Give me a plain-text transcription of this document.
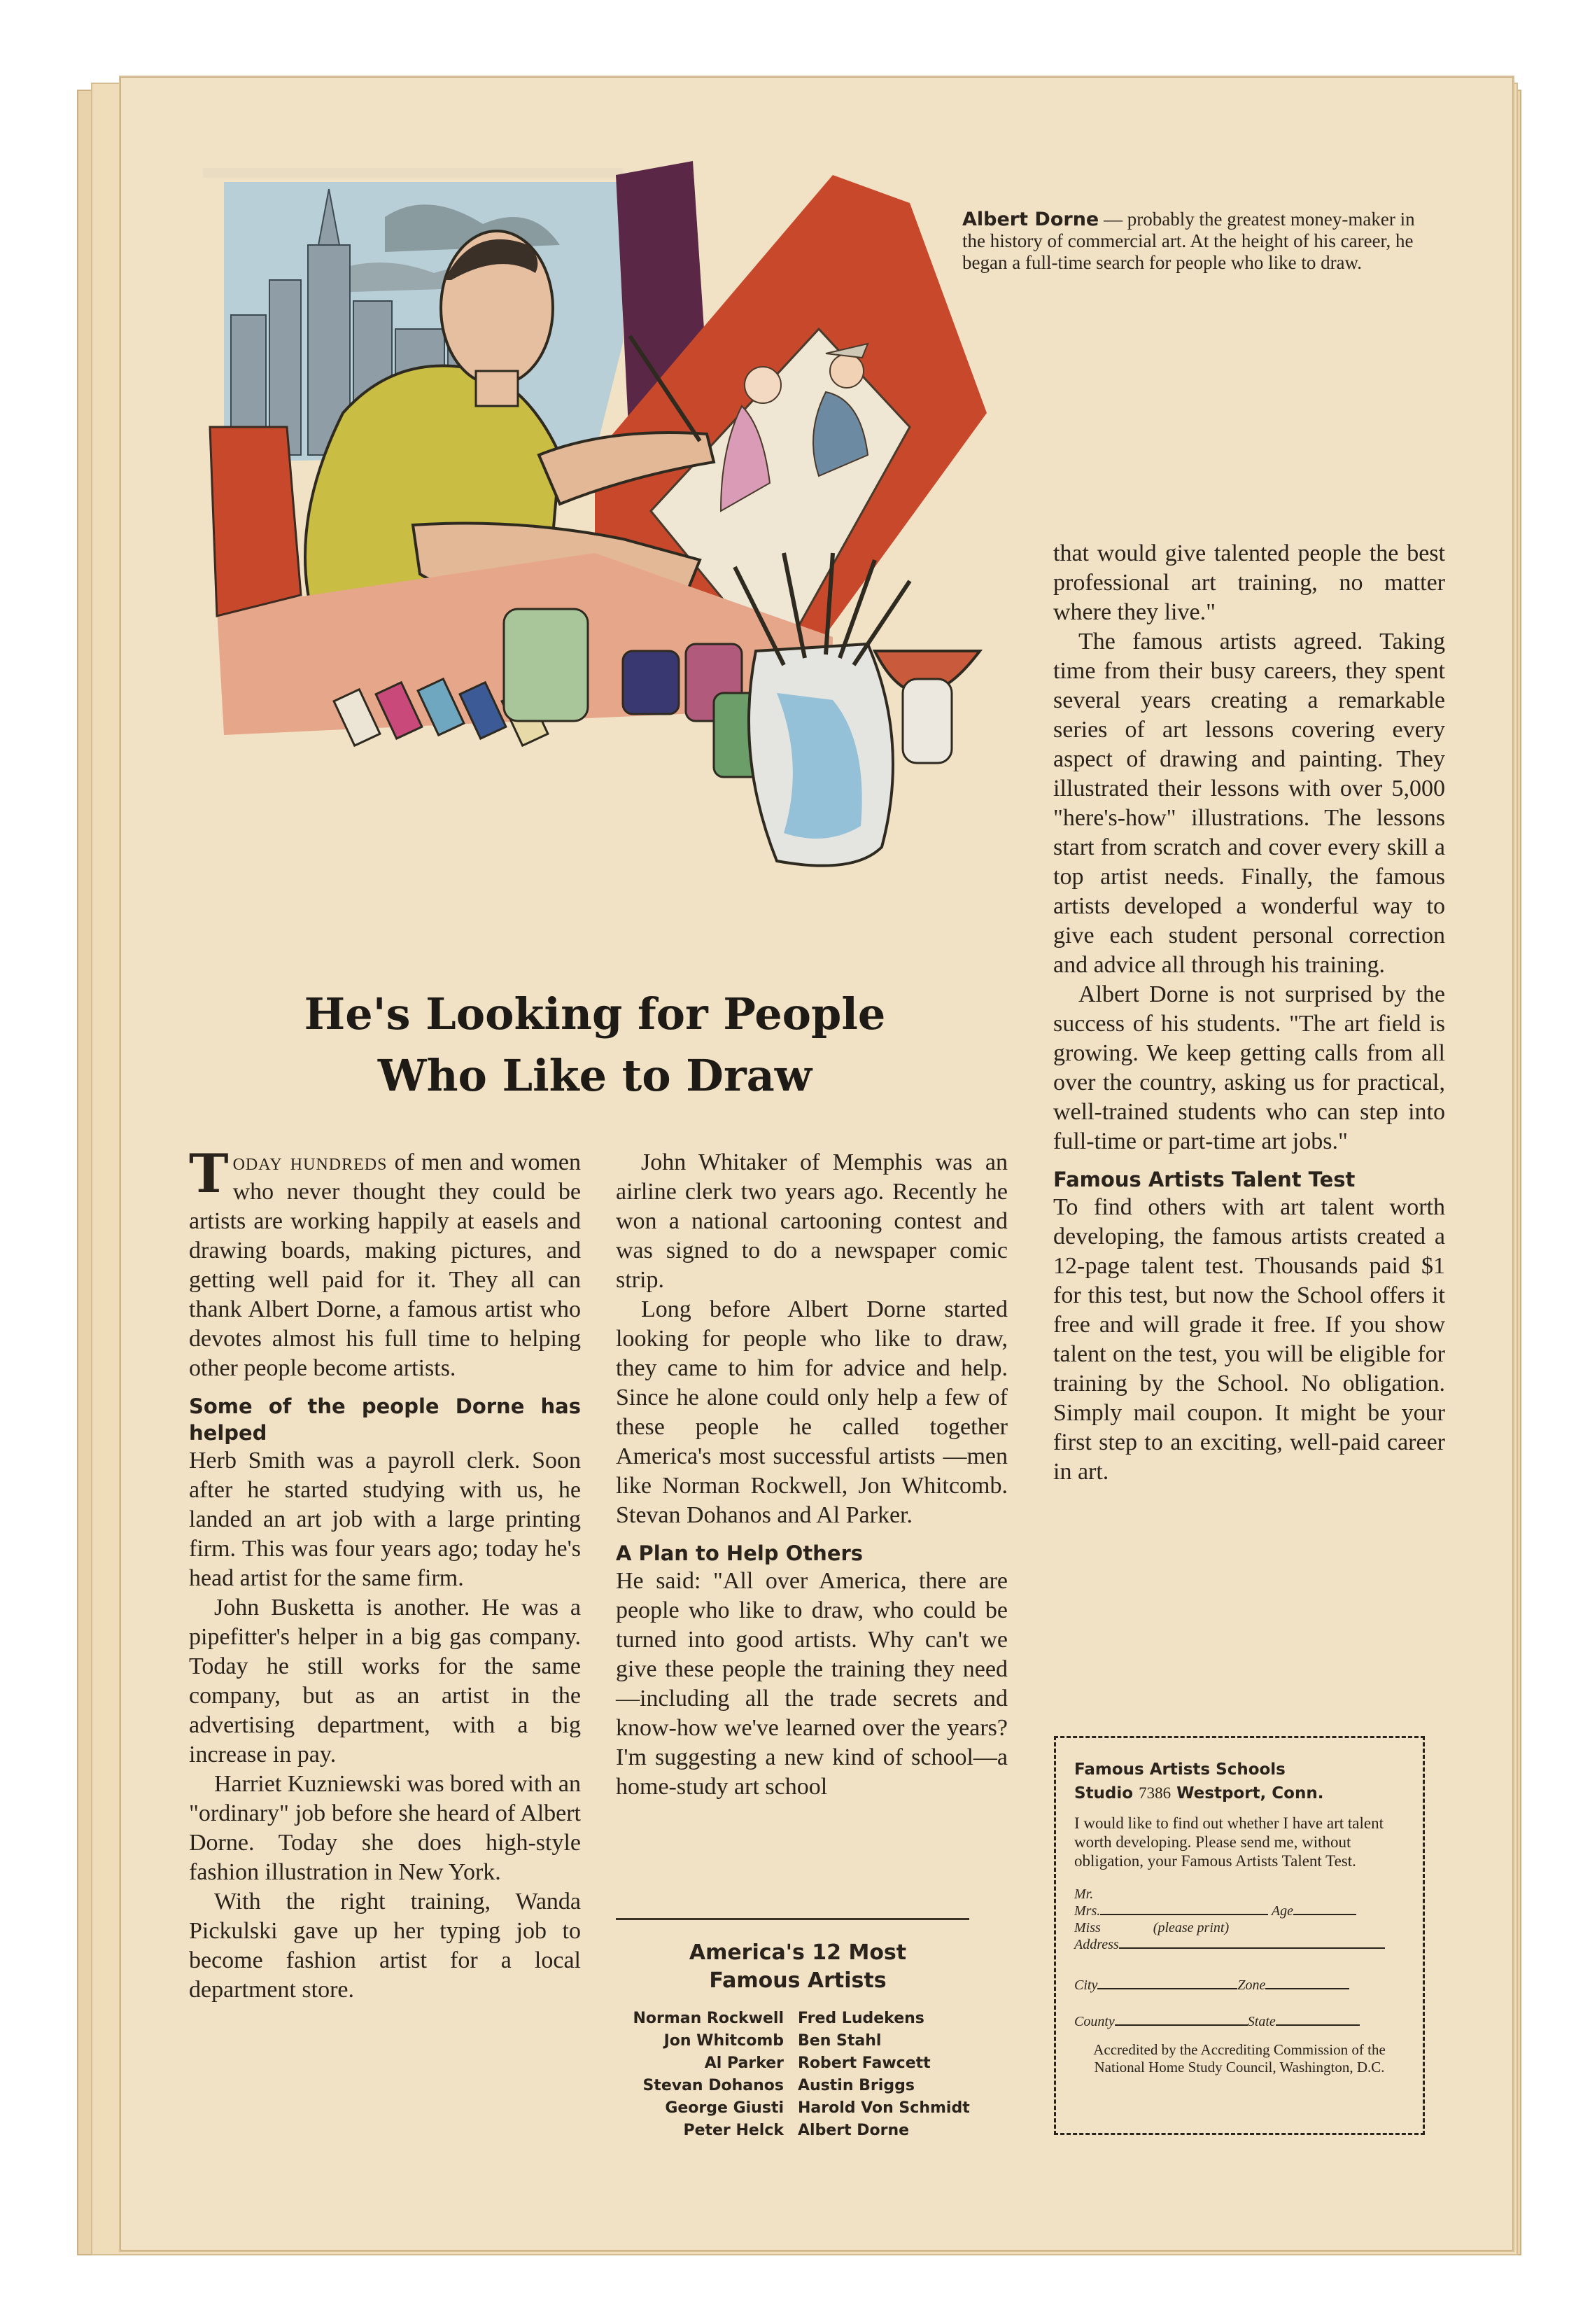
Albert Dorne — probably the greatest money-maker in the history of commercial art. At the height of his career, he began a full-time search for people who like to draw.
He's Looking for People
Who Like to Draw

Today hundreds of men and women who never thought they could be artists are working happily at easels and drawing boards, making pictures, and getting well paid for it. They all can thank Albert Dorne, a famous artist who devotes almost his full time to helping other people become artists.

Some of the people Dorne has helped

Herb Smith was a payroll clerk. Soon after he started studying with us, he landed an art job with a large printing firm. This was four years ago; today he's head artist for the same firm.

John Busketta is another. He was a pipefitter's helper in a big gas company. Today he still works for the same company, but as an artist in the advertising department, with a big increase in pay.

Harriet Kuzniewski was bored with an "ordinary" job before she heard of Albert Dorne. Today she does high-style fashion illustration in New York.

With the right training, Wanda Pickulski gave up her typing job to become fashion artist for a local department store.

John Whitaker of Memphis was an airline clerk two years ago. Recently he won a national cartooning contest and was signed to do a newspaper comic strip.

Long before Albert Dorne started looking for people who like to draw, they came to him for advice and help. Since he alone could only help a few of these people he called together America's most successful artists —men like Norman Rockwell, Jon Whitcomb. Stevan Dohanos and Al Parker.

A Plan to Help Others

He said: "All over America, there are people who like to draw, who could be turned into good artists. Why can't we give these people the training they need—including all the trade secrets and know-how we've learned over the years? I'm suggesting a new kind of school—a home-study art school

that would give talented people the best professional art training, no matter where they live."

The famous artists agreed. Taking time from their busy careers, they spent several years creating a remarkable series of art lessons covering every aspect of drawing and painting. They illustrated their lessons with over 5,000 "here's-how" illustrations. The lessons start from scratch and cover every skill a top artist needs. Finally, the famous artists developed a wonderful way to give each student personal correction and advice all through his training.

Albert Dorne is not surprised by the success of his students. "The art field is growing. We keep getting calls from all over the country, asking us for practical, well-trained students who can step into full-time or part-time art jobs."

Famous Artists Talent Test

To find others with art talent worth developing, the famous artists created a 12-page talent test. Thousands paid $1 for this test, but now the School offers it free and will grade it free. If you show talent on the test, you will be eligible for training by the School. No obligation. Simply mail coupon. It might be your first step to an exciting, well-paid career in art.

America's 12 Most
Famous Artists
Norman Rockwell
Jon Whitcomb
Al Parker
Stevan Dohanos
George Giusti
Peter Helck
Fred Ludekens
Ben Stahl
Robert Fawcett
Austin Briggs
Harold Von Schmidt
Albert Dorne
Famous Artists Schools
Studio 7386 Westport, Conn.
I would like to find out whether I have art talent worth developing. Please send me, without obligation, your Famous Artists Talent Test.
Mr.
Mrs.	Age
Miss	(please print)
Address
City	Zone
County	State
Accredited by the Accrediting Commission of the National Home Study Council, Washington, D.C.
